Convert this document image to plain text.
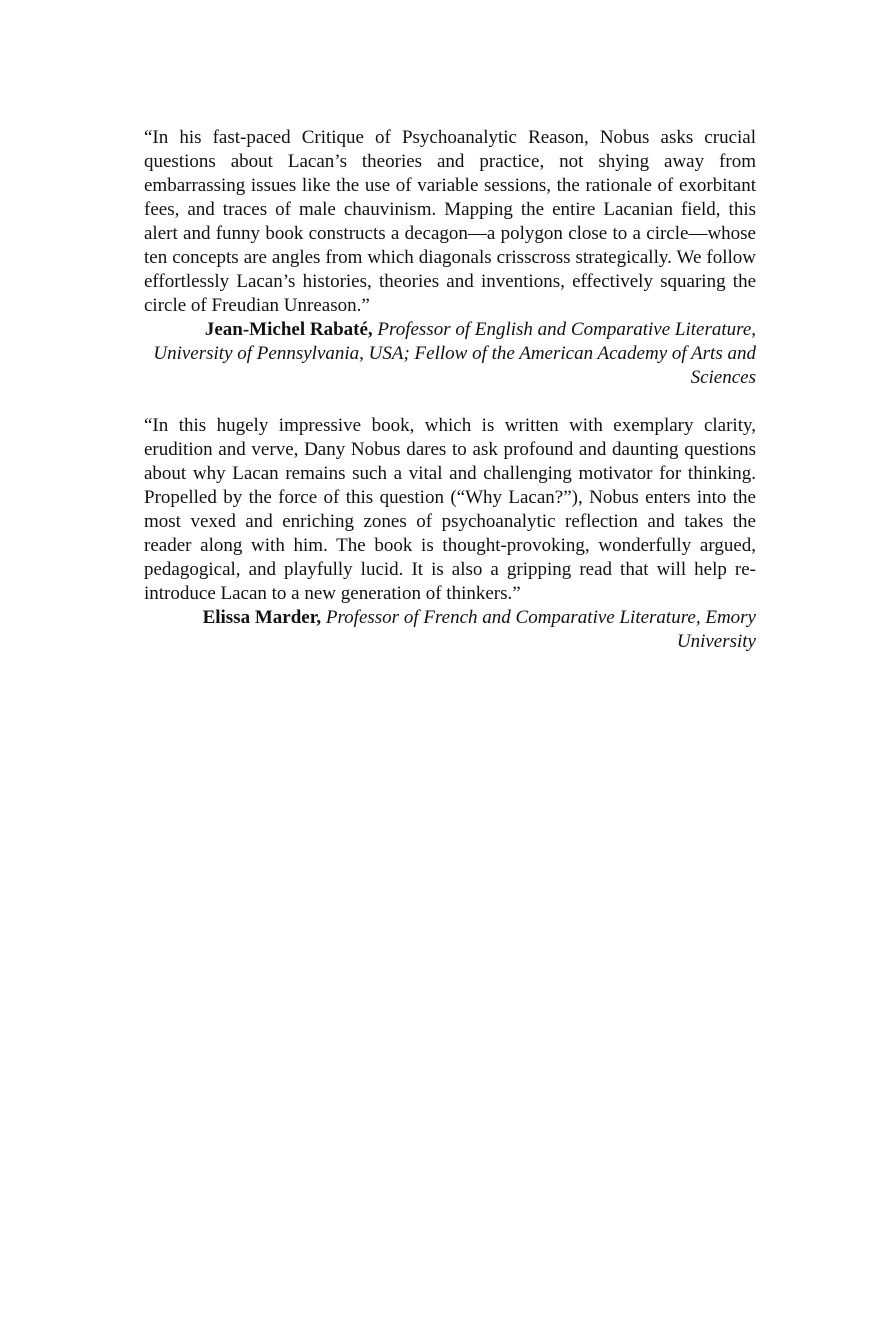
“In his fast-paced Critique of Psychoanalytic Reason, Nobus asks crucial questions about Lacan’s theories and practice, not shying away from embarrassing issues like the use of variable sessions, the rationale of exorbitant fees, and traces of male chauvinism. Mapping the entire Lacanian field, this alert and funny book constructs a decagon—a polygon close to a circle—whose ten concepts are angles from which diagonals crisscross strategically. We follow effortlessly Lacan’s histories, theories and inventions, effectively squaring the circle of Freudian Unreason.”

Jean-Michel Rabaté, Professor of English and Comparative Literature, University of Pennsylvania, USA; Fellow of the American Academy of Arts and Sciences

“In this hugely impressive book, which is written with exemplary clarity, erudition and verve, Dany Nobus dares to ask profound and daunting questions about why Lacan remains such a vital and challenging motivator for thinking. Propelled by the force of this question (“Why Lacan?”), Nobus enters into the most vexed and enriching zones of psychoanalytic reflection and takes the reader along with him. The book is thought-provoking, wonderfully argued, pedagogical, and playfully lucid. It is also a gripping read that will help re-introduce Lacan to a new generation of thinkers.”

Elissa Marder, Professor of French and Comparative Literature, Emory University
